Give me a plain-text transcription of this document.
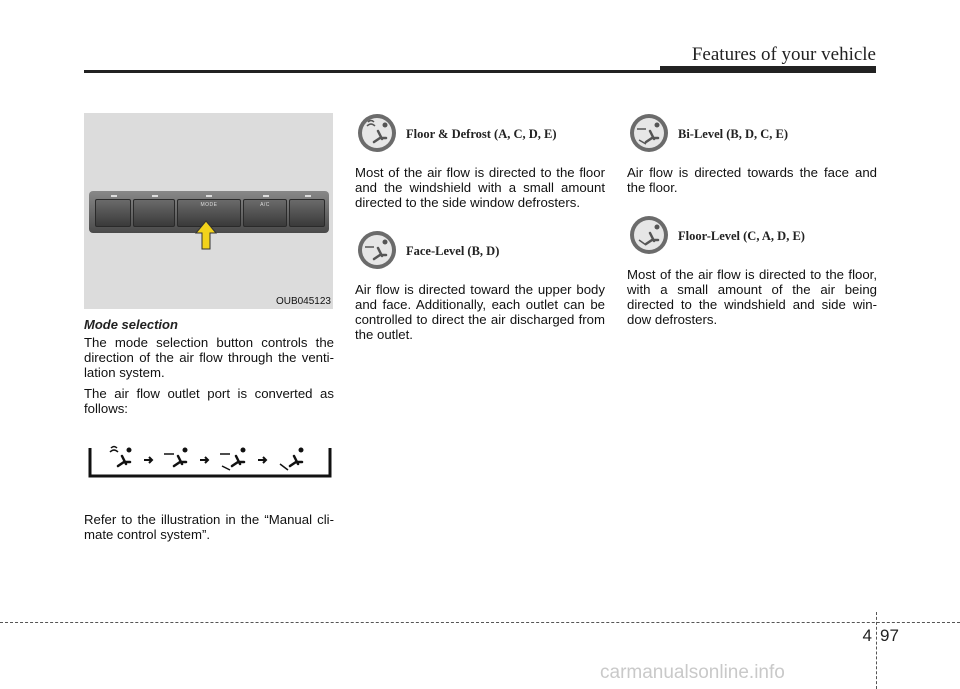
Features of your vehicle
MODE	A/C
OUB045123
Mode selection

The mode selection button controls the direction of the air flow through the venti-lation system.

The air flow outlet port is converted as follows:

Refer to the illustration in the “Manual cli-mate control system”.

Floor & Defrost (A, C, D, E)

Most of the air flow is directed to the floor and the windshield with a small amount directed to the side window defrosters.

Face-Level (B, D)

Air flow is directed toward the upper body and face. Additionally, each outlet can be controlled to direct the air discharged from the outlet.

Bi-Level (B, D, C, E)

Air flow is directed towards the face and the floor.

Floor-Level (C, A, D, E)

Most of the air flow is directed to the floor, with a small amount of the air being directed to the windshield and side win-dow defrosters.

4 97
carmanualsonline.info
